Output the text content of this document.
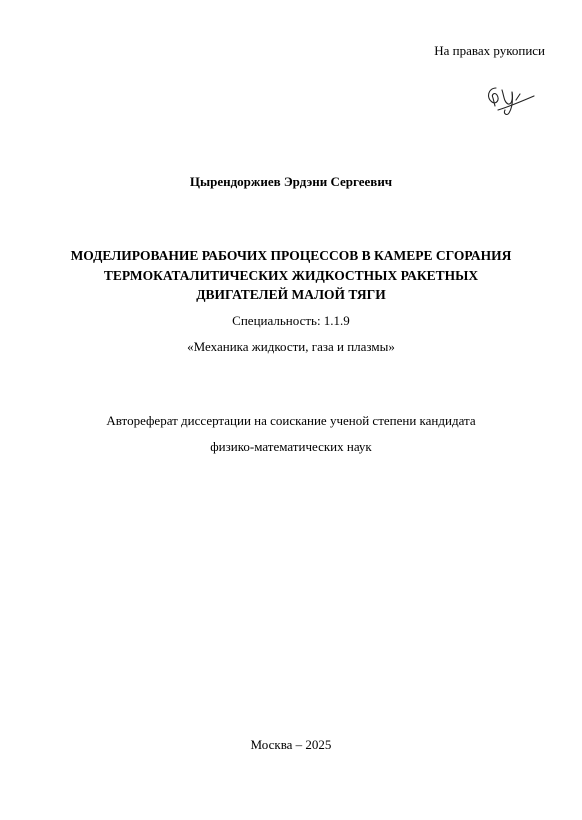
На правах рукописи
Цырендоржиев Эрдэни Сергеевич
МОДЕЛИРОВАНИЕ РАБОЧИХ ПРОЦЕССОВ В КАМЕРЕ СГОРАНИЯ
ТЕРМОКАТАЛИТИЧЕСКИХ ЖИДКОСТНЫХ РАКЕТНЫХ
ДВИГАТЕЛЕЙ МАЛОЙ ТЯГИ
Специальность: 1.1.9
«Механика жидкости, газа и плазмы»
Автореферат диссертации на соискание ученой степени кандидата
физико-математических наук
Москва – 2025
